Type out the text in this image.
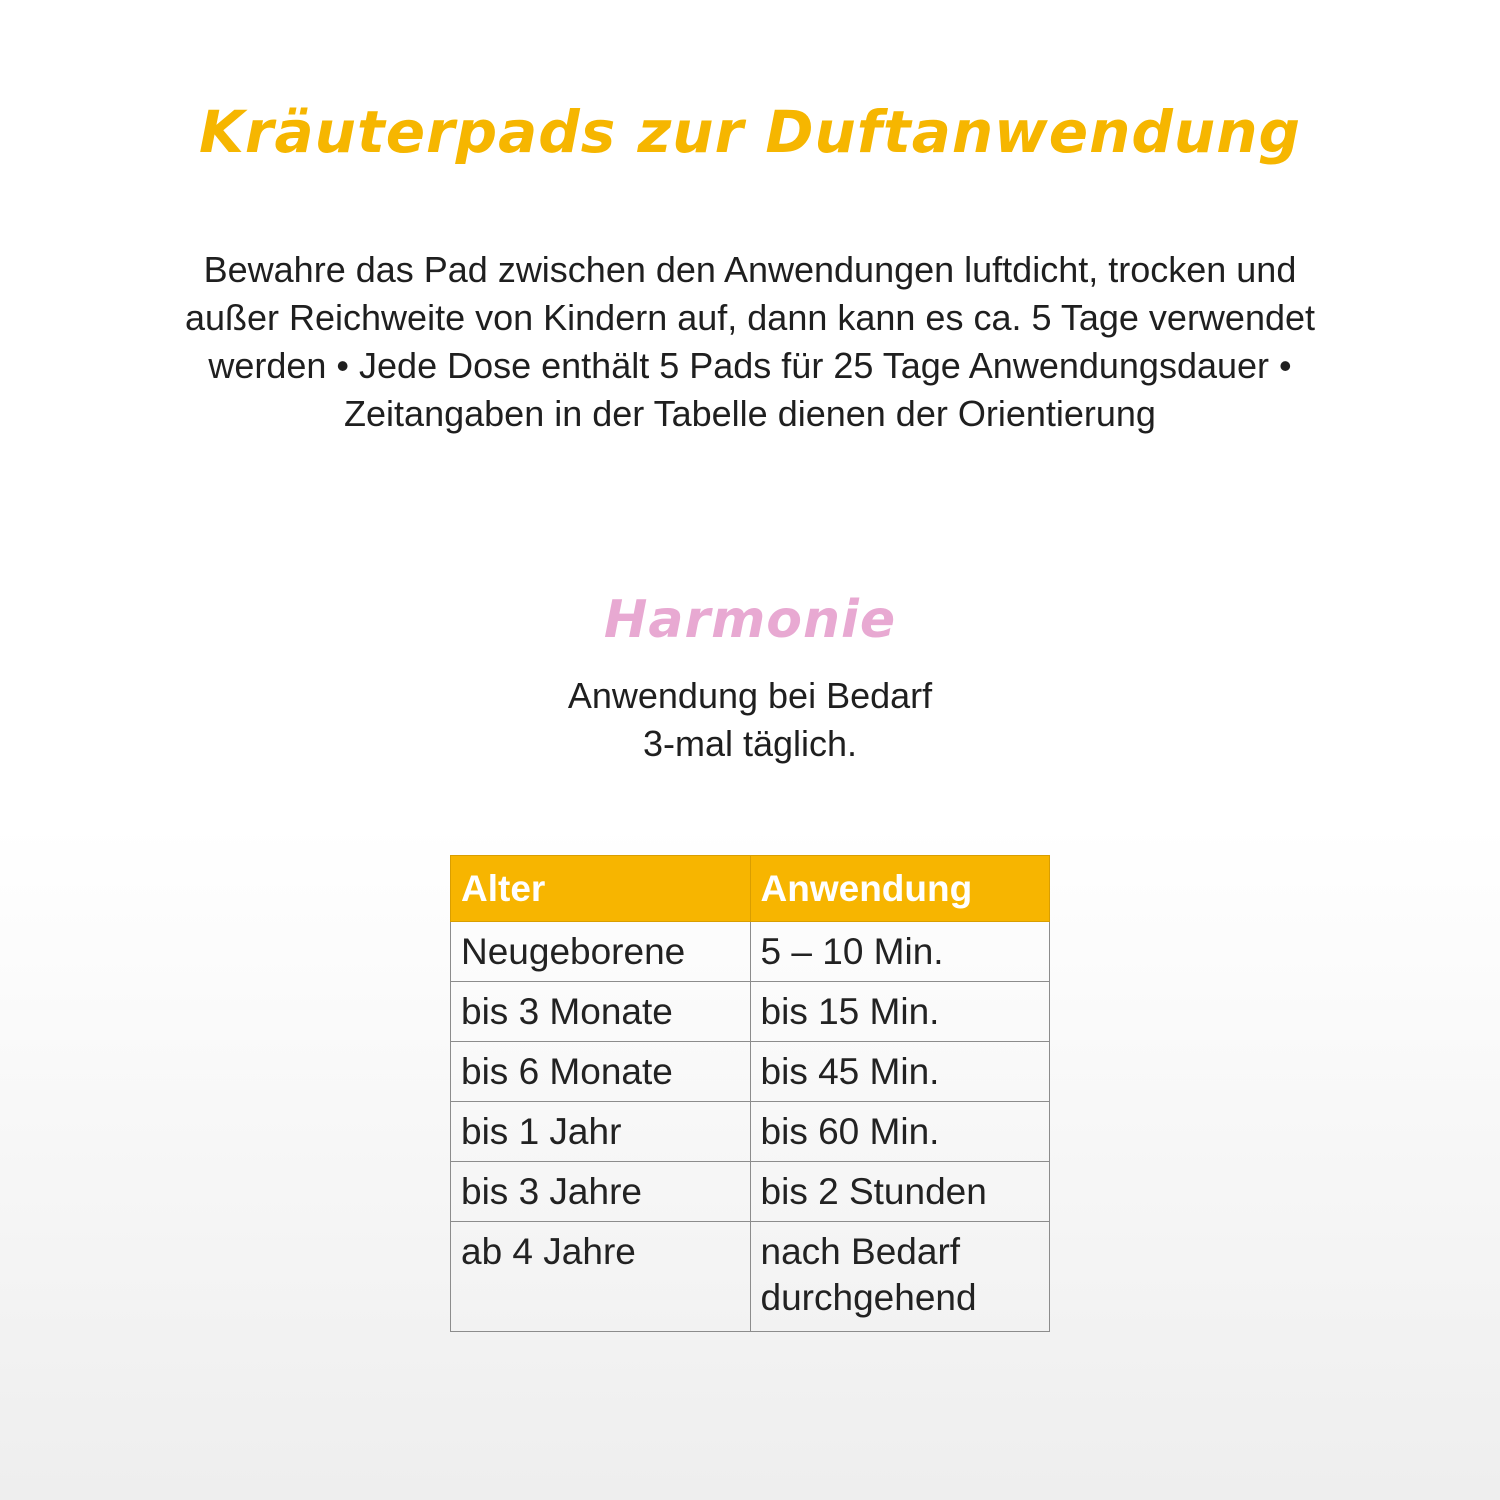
Kräuterpads zur Duftanwendung

Bewahre das Pad zwischen den Anwendungen luftdicht, trocken und außer Reichweite von Kindern auf, dann kann es ca. 5 Tage verwendet werden • Jede Dose enthält 5 Pads für 25 Tage Anwendungsdauer • Zeitangaben in der Tabelle dienen der Orientierung

Harmonie
Anwendung bei Bedarf
3-mal täglich.
Alter	Anwendung
Neugeborene	5 – 10 Min.
bis 3 Monate	bis 15 Min.
bis 6 Monate	bis 45 Min.
bis 1 Jahr	bis 60 Min.
bis 3 Jahre	bis 2 Stunden
ab 4 Jahre	nach Bedarf durchgehend
